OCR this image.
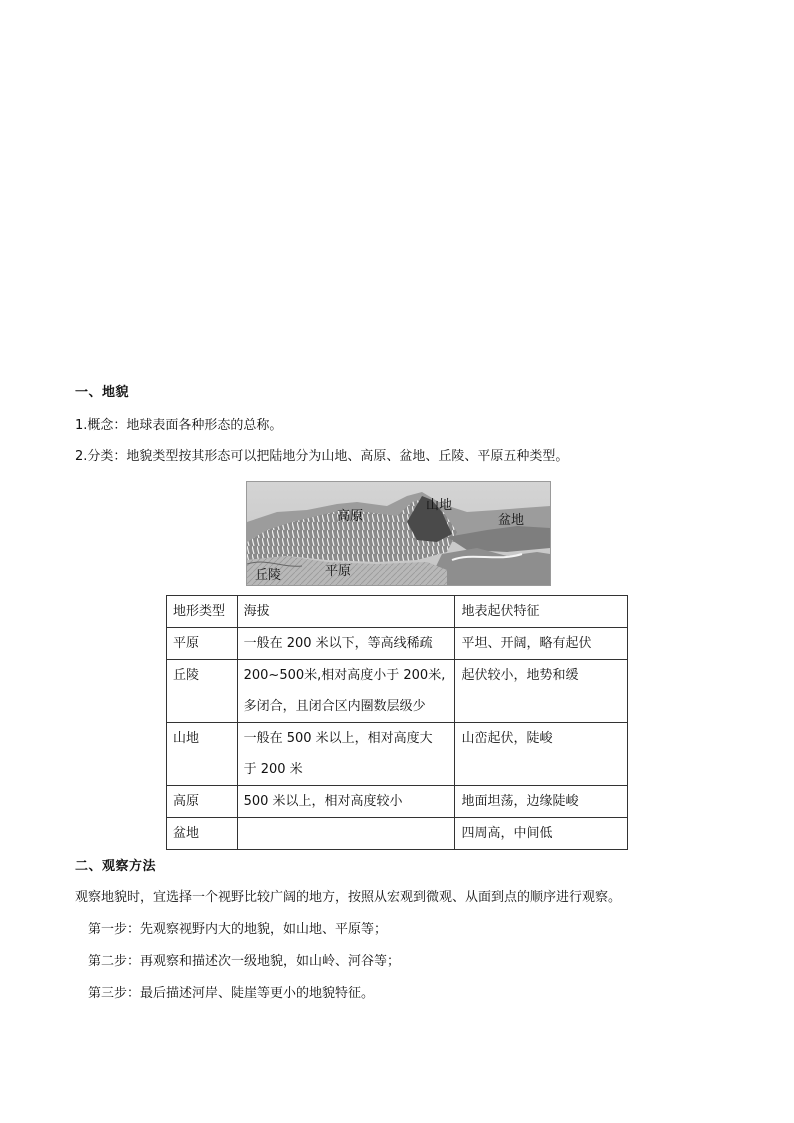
一、地貌
1.概念：地球表面各种形态的总称。
2.分类：地貌类型按其形态可以把陆地分为山地、高原、盆地、丘陵、平原五种类型。
高原
山地
盆地
丘陵	平原
地形类型	海拔	地表起伏特征
平原	一般在 200 米以下，等高线稀疏	平坦、开阔，略有起伏
丘陵	200~500米,相对高度小于 200米,
多闭合，且闭合区内圈数层级少	起伏较小，地势和缓
山地	一般在 500 米以上，相对高度大
于 200 米	山峦起伏，陡峻
高原	500 米以上，相对高度较小	地面坦荡，边缘陡峻
盆地		四周高，中间低
二、观察方法
观察地貌时，宜选择一个视野比较广阔的地方，按照从宏观到微观、从面到点的顺序进行观察。
第一步：先观察视野内大的地貌，如山地、平原等；
第二步：再观察和描述次一级地貌，如山岭、河谷等；
第三步：最后描述河岸、陡崖等更小的地貌特征。
